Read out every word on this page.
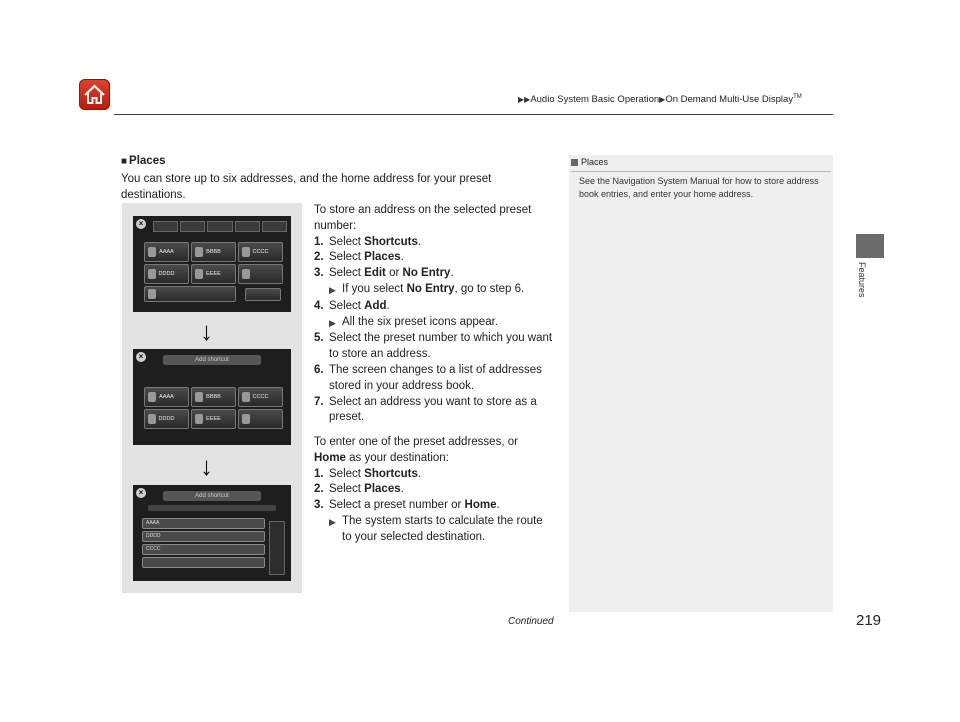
▶▶Audio System Basic Operation▶On Demand Multi-Use Display™
Features
■ Places
You can store up to six addresses, and the home address for your preset destinations.
×
AAAA	BBBB	CCCC
DDDD	EEEE
↓
×	Add shortcut
AAAA	BBBB	CCCC
DDDD	EEEE
↓
×	Add shortcut
AAAA
DDDD
CCCC

To store an address on the selected preset number:

1. Select Shortcuts.
2. Select Places.
3. Select Edit or No Entry.
▶ If you select No Entry, go to step 6.
4. Select Add.
▶ All the six preset icons appear.
5. Select the preset number to which you want to store an address.
6. The screen changes to a list of addresses stored in your address book.
7. Select an address you want to store as a preset.

To enter one of the preset addresses, or
Home as your destination:

1. Select Shortcuts.
2. Select Places.
3. Select a preset number or Home.
▶ The system starts to calculate the route to your selected destination.
Places
See the Navigation System Manual for how to store address book entries, and enter your home address.
Continued	219
